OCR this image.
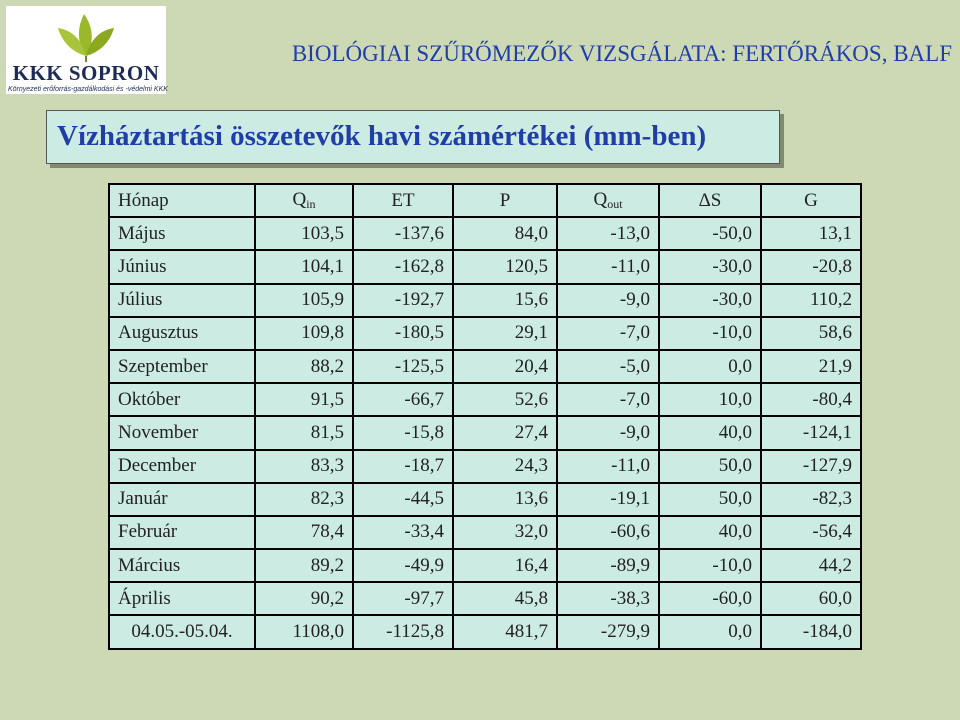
KKK SOPRON
Környezeti erőforrás-gazdálkodási és -védelmi KKK
BIOLÓGIAI SZŰRŐMEZŐK VIZSGÁLATA: FERTŐRÁKOS, BALF
Vízháztartási összetevők havi számértékei (mm-ben)
Hónap	$Q_{in}$	ET	P	$Q_{out}$	ΔS	G
Május	103,5	-137,6	84,0	-13,0	-50,0	13,1
Június	104,1	-162,8	120,5	-11,0	-30,0	-20,8
Július	105,9	-192,7	15,6	-9,0	-30,0	110,2
Augusztus	109,8	-180,5	29,1	-7,0	-10,0	58,6
Szeptember	88,2	-125,5	20,4	-5,0	0,0	21,9
Október	91,5	-66,7	52,6	-7,0	10,0	-80,4
November	81,5	-15,8	27,4	-9,0	40,0	-124,1
December	83,3	-18,7	24,3	-11,0	50,0	-127,9
Január	82,3	-44,5	13,6	-19,1	50,0	-82,3
Február	78,4	-33,4	32,0	-60,6	40,0	-56,4
Március	89,2	-49,9	16,4	-89,9	-10,0	44,2
Április	90,2	-97,7	45,8	-38,3	-60,0	60,0
04.05.-05.04.	1108,0	-1125,8	481,7	-279,9	0,0	-184,0
